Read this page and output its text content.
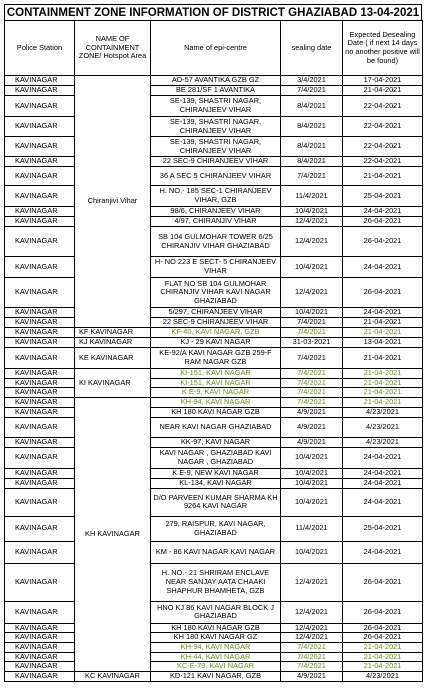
CONTAINMENT ZONE INFORMATION OF DISTRICT GHAZIABAD 13-04-2021
Police Station	NAME OF CONTAINMENT ZONE/ Hotspot Area	Name of epi-centre	sealing date	Expected Desealing Date ( if next 14 days no another positive will be found)
KAVINAGAR	Chiranjivi Vihar	AD-57 AVANTIKA GZB GZ	3/4/2021	17-04-2021
KAVINAGAR		BE 281/SF 1 AVANTIKA	7/4/2021	21-04-2021
KAVINAGAR		SE-139, SHASTRI NAGAR, CHIRANJEEV VIHAR	8/4/2021	22-04-2021
KAVINAGAR		SE-139, SHASTRI NAGAR, CHIRANJEEV VIHAR	8/4/2021	22-04-2021
KAVINAGAR		SE-139, SHASTRI NAGAR, CHIRANJEEV VIHAR	8/4/2021	22-04-2021
KAVINAGAR		22 SEC-9 CHIRANJEEV VIHAR	8/4/2021	22-04-2021
KAVINAGAR		36 A SEC 5 CHIRANJEEV VIHAR	7/4/2021	21-04-2021
KAVINAGAR		H. NO.- 185 SEC-1 CHIRANJEEV VIHAR, GZB	11/4/2021	25-04-2021
KAVINAGAR		98/6, CHIRANJEEV VIHAR	10/4/2021	24-04-2021
KAVINAGAR		4/97, CHIRANJIV VIHAR	12/4/2021	26-04-2021
KAVINAGAR		SB 104 GULMOHAR TOWER 6/25 CHIRANJIV VIHAR GHAZIABAD	12/4/2021	26-04-2021
KAVINAGAR		H- NO 223 E SECT- 5 CHIRANJEEV VIHAR	10/4/2021	24-04-2021
KAVINAGAR		FLAT NO SB 104 GULMOHAR CHIRANJIV VIHAR KAVI NAGAR GHAZIABAD	12/4/2021	26-04-2021
KAVINAGAR		5/297, CHIRANJEEV VIHAR	10/4/2021	24-04-2021
KAVINAGAR		22 SEC-9 CHIRANJEEV VIHAR	7/4/2021	21-04-2021
KAVINAGAR	KF KAVINAGAR	KF-40, KAVI NAGAR, GZB	7/4/2021	21-04-2021
KAVINAGAR	KJ KAVINAGAR	KJ - 29 KAVI NAGAR	31-03-2021	13-04-2021
KAVINAGAR	KE KAVINAGAR	KE-92/A KAVI NAGAR GZB 259-F RAM NAGAR GZB	7/4/2021	21-04-2021
KAVINAGAR	KI KAVINAGAR	KI-151, KAVI NAGAR	7/4/2021	21-04-2021
KAVINAGAR		KI-151, KAVI NAGAR	7/4/2021	21-04-2021
KAVINAGAR		K E-9, KAVI NAGAR	7/4/2021	21-04-2021
KAVINAGAR	KH KAVINAGAR	KH-94, KAVI NAGAR	7/4/2021	21-04-2021
KAVINAGAR		KH 180 KAVI NAGAR GZB	4/9/2021	4/23/2021
KAVINAGAR		NEAR KAVI NAGAR GHAZIABAD	4/9/2021	4/23/2021
KAVINAGAR		KK-97, KAVI NAGAR	4/9/2021	4/23/2021
KAVINAGAR		KAVI NAGAR , GHAZIABAD KAVI NAGAR , GHAZIABAD	10/4/2021	24-04-2021
KAVINAGAR		K E-9, NEW KAVI NAGAR	10/4/2021	24-04-2021
KAVINAGAR		KL-134, KAVI NAGAR	10/4/2021	24-04-2021
KAVINAGAR		D/O PARVEEN KUMAR SHARMA KH 9264 KAVI NAGAR	10/4/2021	24-04-2021
KAVINAGAR		279, RAISPUR, KAVI NAGAR, GHAZIABAD	11/4/2021	25-04-2021
KAVINAGAR		KM - 86 KAVI NAGAR KAVI NAGAR	10/4/2021	24-04-2021
KAVINAGAR		H. NO.- 21 SHRIRAM ENCLAVE NEAR SANJAY AATA CHAAKI SHAPHUR BHAMHETA, GZB	12/4/2021	26-04-2021
KAVINAGAR		HNO KJ 86 KAVI NAGAR BLOCK J GHAZIABAD	12/4/2021	26-04-2021
KAVINAGAR		KH 180 KAVI NAGAR GZB	12/4/2021	26-04-2021
KAVINAGAR		KH 180 KAVI NAGAR GZ	12/4/2021	26-04-2021
KAVINAGAR		KH-94, KAVI NAGAR	7/4/2021	21-04-2021
KAVINAGAR		KH-44, KAVI NAGAR	7/4/2021	21-04-2021
KAVINAGAR		KC-E-79, KAVI NAGAR	7/4/2021	21-04-2021
KAVINAGAR	KC KAVINAGAR	KD-121 KAVI NAGAR, GZB	4/9/2021	4/23/2021
